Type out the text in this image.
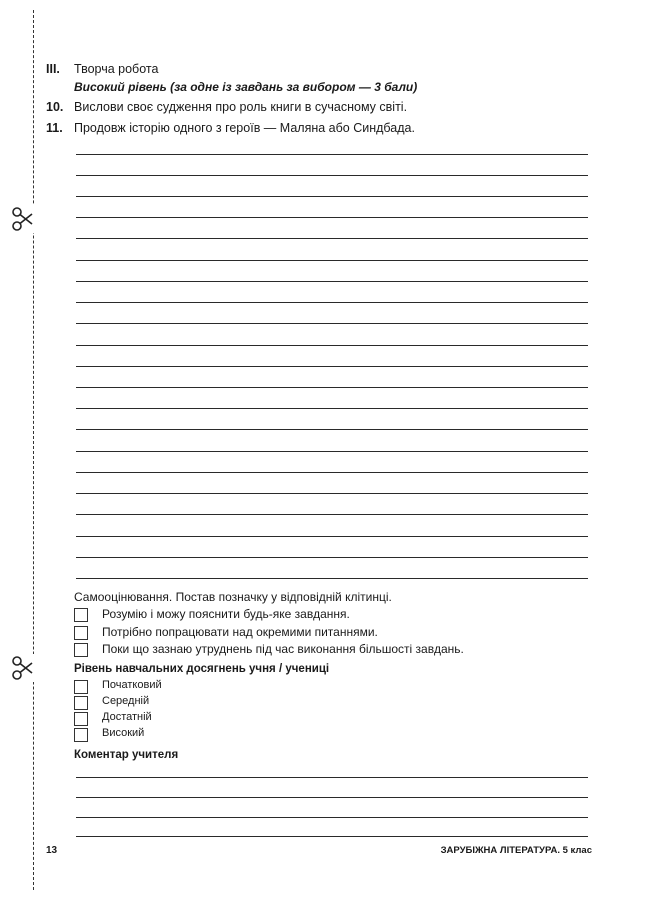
III. Творча робота
Високий рівень (за одне із завдань за вибором — 3 бали)
10. Вислови своє судження про роль книги в сучасному світі.
11. Продовж історію одного з героїв — Маляна або Синдбада.
Самооцінювання. Постав позначку у відповідній клітинці.
Розумію і можу пояснити будь-яке завдання.
Потрібно попрацювати над окремими питаннями.
Поки що зазнаю утруднень під час виконання більшості завдань.
Рівень навчальних досягнень учня / учениці
Початковий
Середній
Достатній
Високий
Коментар учителя
13	ЗАРУБІЖНА ЛІТЕРАТУРА. 5 клас
